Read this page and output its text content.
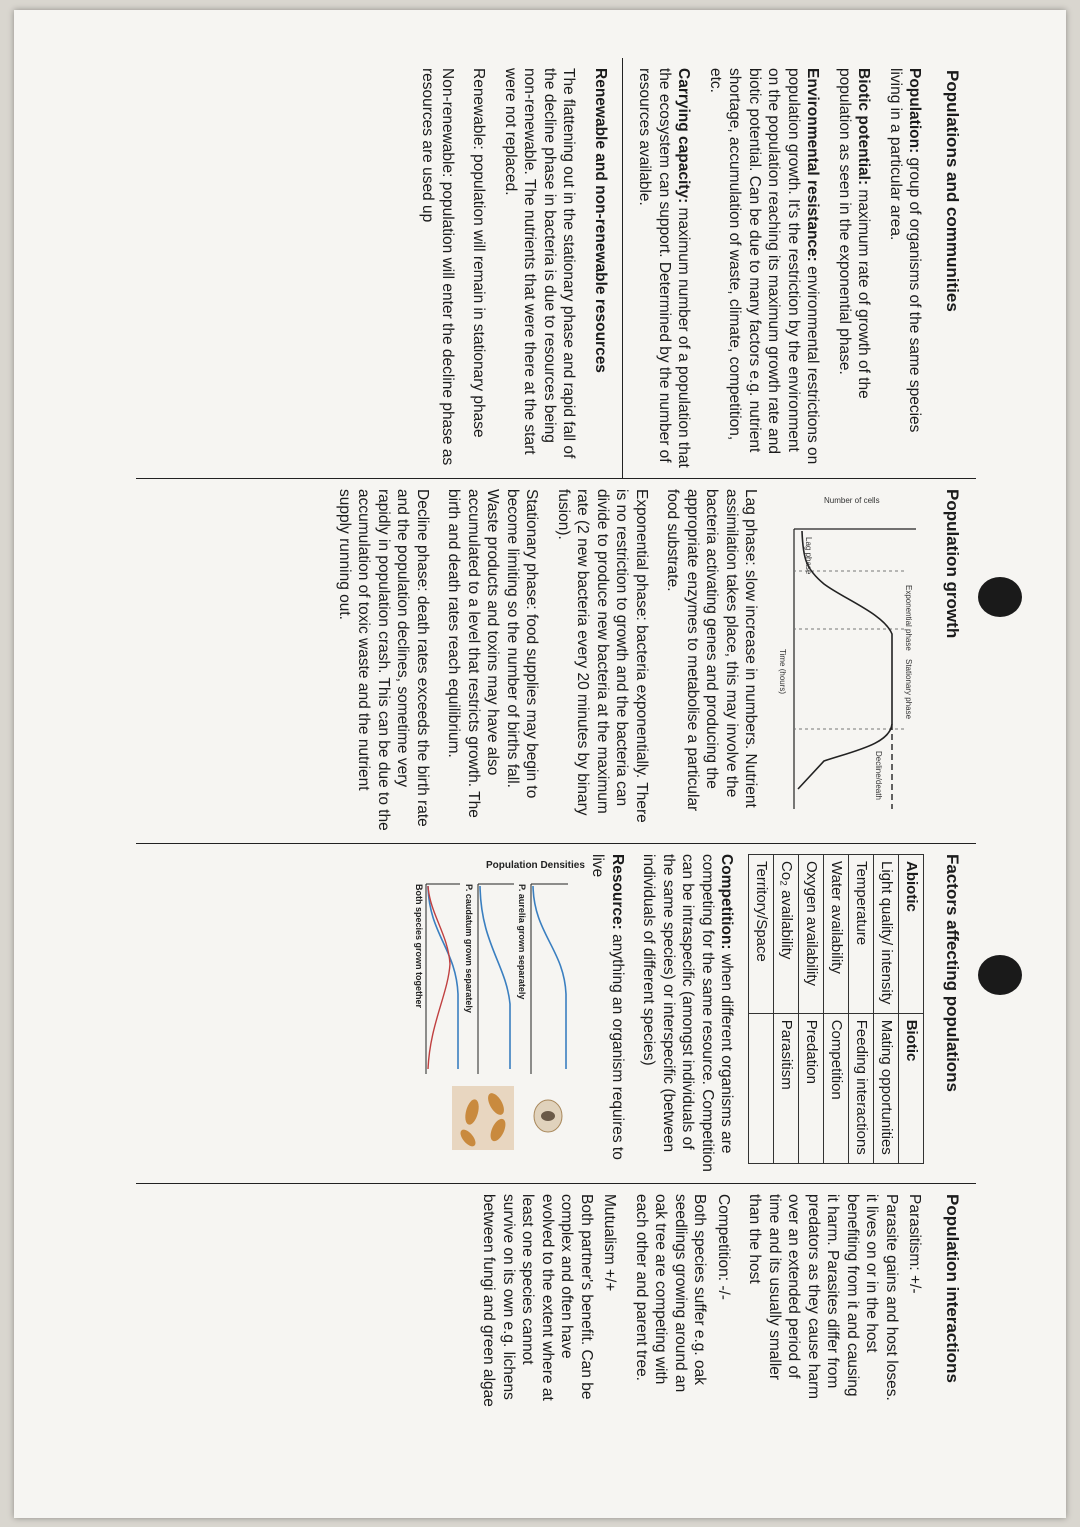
Populations and communities

Population: group of organisms of the same species living in a particular area.

Biotic potential: maximum rate of growth of the population as seen in the exponential phase.

Environmental resistance: environmental restrictions on population growth. It's the restriction by the environment on the population reaching its maximum growth rate and biotic potential. Can be due to many factors e.g. nutrient shortage, accumulation of waste, climate, competition, etc.

Carrying capacity: maximum number of a population that the ecosystem can support. Determined by the number of resources available.

Renewable and non-renewable resources

The flattening out in the stationary phase and rapid fall of the decline phase in bacteria is due to resources being non-renewable. The nutrients that were there at the start were not replaced.

Renewable: population will remain in stationary phase

Non-renewable: population will enter the decline phase as resources are used up

Population growth
Number of cells
Time (hours)
Lag phase
Exponential phase
Stationary phase
Decline/death

Lag phase: slow increase in numbers. Nutrient assimilation takes place, this may involve the bacteria activating genes and producing the appropriate enzymes to metabolise a particular food substrate.

Exponential phase: bacteria exponentially. There is no restriction to growth and the bacteria can divide to produce new bacteria at the maximum rate (2 new bacteria every 20 minutes by binary fusion).

Stationary phase: food supplies may begin to become limiting so the number of births fall. Waste products and toxins may have also accumulated to a level that restricts growth. The birth and death rates reach equilibrium.

Decline phase: death rates exceeds the birth rate and the population declines, sometime very rapidly in population crash. This can be due to the accumulation of toxic waste and the nutrient supply running out.

Factors affecting populations
Abiotic	Biotic
Light quality/ intensity	Mating opportunities
Temperature	Feeding interactions
Water availability	Competition
Oxygen availability	Predation
Co₂ availability	Parasitism
Territory/Space	

Competition: when different organisms are competing for the same resource. Competition can be intraspecific (amongst individuals of the same species) or interspecific (between individuals of different species)

Resource: anything an organism requires to live

Population Densities
P. aurelia grown separately
P. caudatum grown separately
Both species grown together
Population interactions

Parasitism: +/-

Parasite gains and host loses. it lives on or in the host benefiting from it and causing it harm. Parasites differ from predators as they cause harm over an extended period of time and its usually smaller than the host

Competition: -/-

Both species suffer e.g. oak seedlings growing around an oak tree are competing with each other and parent tree.

Mutualism +/+

Both partner's benefit. Can be complex and often have evolved to the extent where at least one species cannot survive on its own e.g. lichens between fungi and green algae
